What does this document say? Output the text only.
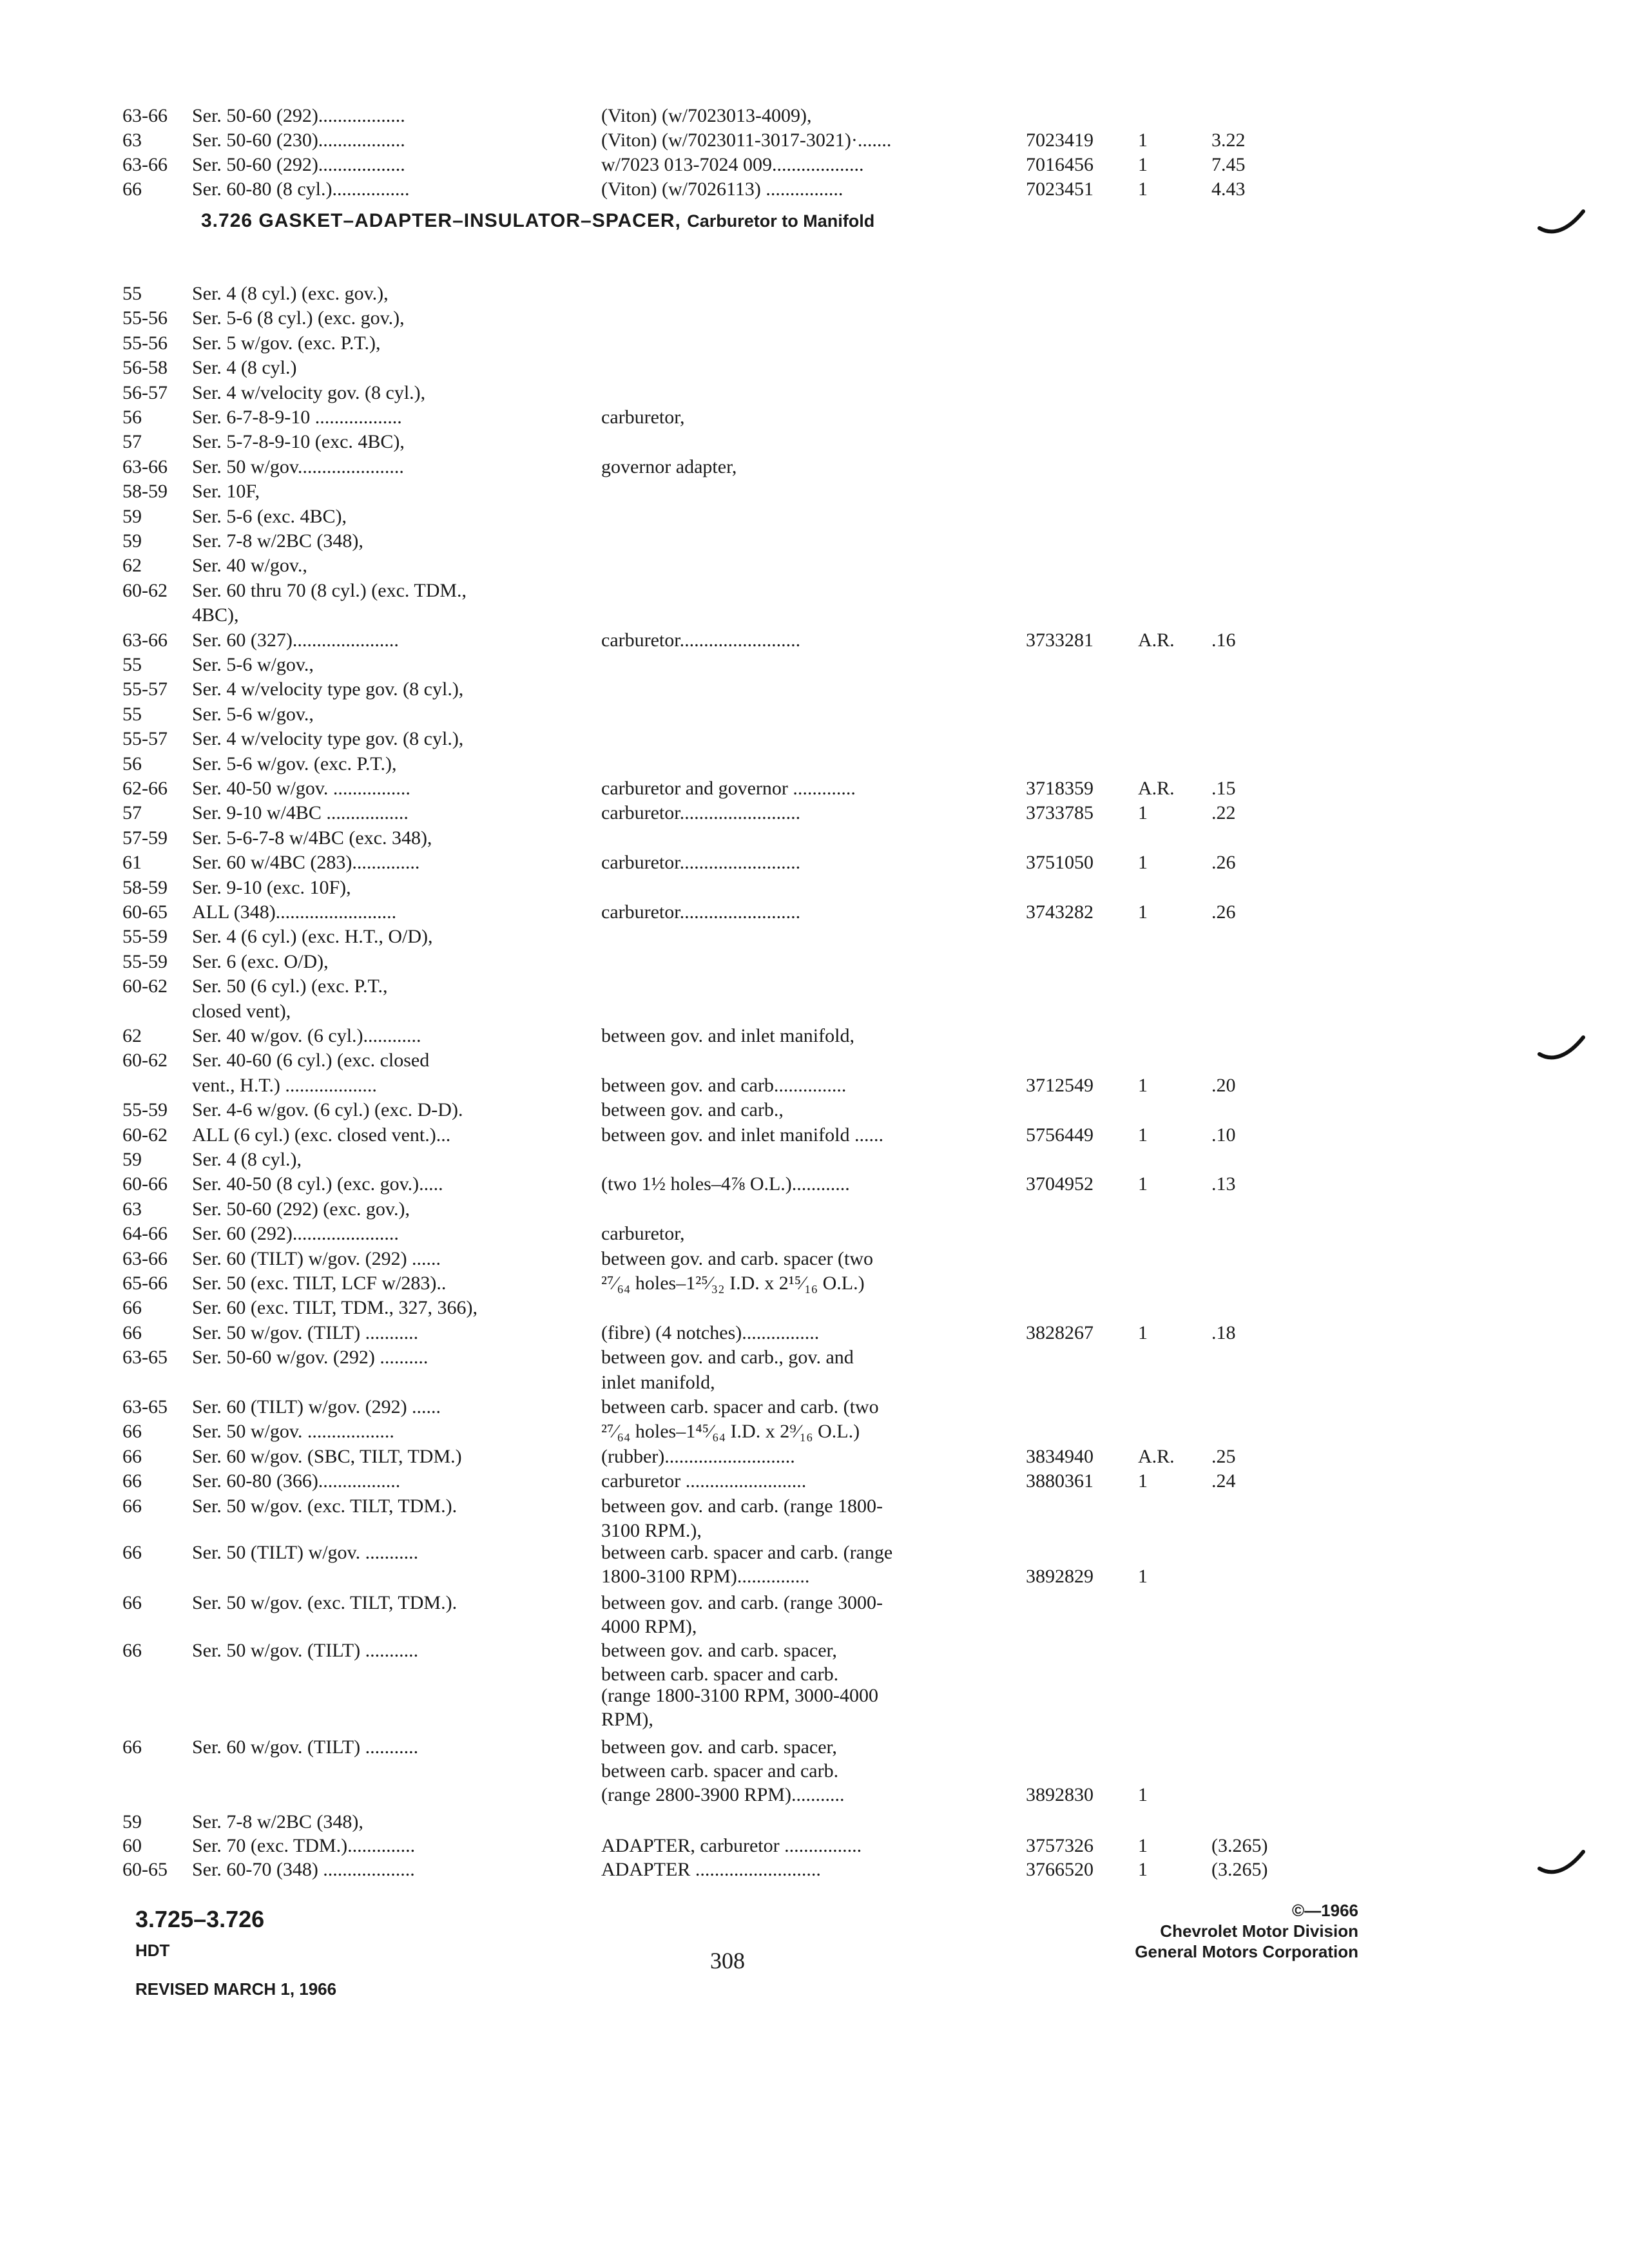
63-66 Ser. 50-60 (292)..................	(Viton) (w/7023013-4009),
63	Ser. 50-60 (230)..................	(Viton) (w/7023011-3017-3021)·.......	7023419 1	3.22
63-66 Ser. 50-60 (292)..................	w/7023 013-7024 009...................	7016456 1	7.45
66	Ser. 60-80 (8 cyl.)................	(Viton) (w/7026113) ................	7023451 1	4.43
3.726 GASKET–ADAPTER–INSULATOR–SPACER, Carburetor to Manifold
55	Ser. 4 (8 cyl.) (exc. gov.),
55-56 Ser. 5-6 (8 cyl.) (exc. gov.),
55-56 Ser. 5 w/gov. (exc. P.T.),
56-58 Ser. 4 (8 cyl.)
56-57 Ser. 4 w/velocity gov. (8 cyl.),
56	Ser. 6-7-8-9-10 ..................	carburetor,
57	Ser. 5-7-8-9-10 (exc. 4BC),
63-66 Ser. 50 w/gov......................	governor adapter,
58-59 Ser. 10F,
59	Ser. 5-6 (exc. 4BC),
59	Ser. 7-8 w/2BC (348),
62	Ser. 40 w/gov.,
60-62 Ser. 60 thru 70 (8 cyl.) (exc. TDM.,
4BC),
63-66 Ser. 60 (327)......................	carburetor.........................	3733281 A.R. .16
55	Ser. 5-6 w/gov.,
55-57 Ser. 4 w/velocity type gov. (8 cyl.),
55	Ser. 5-6 w/gov.,
55-57 Ser. 4 w/velocity type gov. (8 cyl.),
56	Ser. 5-6 w/gov. (exc. P.T.),
62-66 Ser. 40-50 w/gov. ................	carburetor and governor .............	3718359 A.R. .15
57	Ser. 9-10 w/4BC .................	carburetor.........................	3733785 1	.22
57-59 Ser. 5-6-7-8 w/4BC (exc. 348),
61	Ser. 60 w/4BC (283)..............	carburetor.........................	3751050 1	.26
58-59 Ser. 9-10 (exc. 10F),
60-65 ALL (348).........................	carburetor.........................	3743282 1	.26
55-59 Ser. 4 (6 cyl.) (exc. H.T., O/D),
55-59 Ser. 6 (exc. O/D),
60-62 Ser. 50 (6 cyl.) (exc. P.T.,
closed vent),
62	Ser. 40 w/gov. (6 cyl.)............	between gov. and inlet manifold,
60-62 Ser. 40-60 (6 cyl.) (exc. closed
vent., H.T.) ...................	between gov. and carb...............	3712549 1	.20
55-59 Ser. 4-6 w/gov. (6 cyl.) (exc. D-D).	between gov. and carb.,
60-62 ALL (6 cyl.) (exc. closed vent.)...	between gov. and inlet manifold ......	5756449 1	.10
59	Ser. 4 (8 cyl.),
60-66 Ser. 40-50 (8 cyl.) (exc. gov.).....	(two 1½ holes–4⅞ O.L.)............	3704952 1	.13
63	Ser. 50-60 (292) (exc. gov.),
64-66 Ser. 60 (292)......................	carburetor,
63-66 Ser. 60 (TILT) w/gov. (292) ......	between gov. and carb. spacer (two
65-66 Ser. 50 (exc. TILT, LCF w/283)..	²⁷⁄₆₄ holes–1²⁵⁄₃₂ I.D. x 2¹⁵⁄₁₆ O.L.)
66	Ser. 60 (exc. TILT, TDM., 327, 366),
66	Ser. 50 w/gov. (TILT) ...........	(fibre) (4 notches)................	3828267 1	.18
63-65 Ser. 50-60 w/gov. (292) ..........	between gov. and carb., gov. and
inlet manifold,
63-65 Ser. 60 (TILT) w/gov. (292) ......	between carb. spacer and carb. (two
66	Ser. 50 w/gov. ..................	²⁷⁄₆₄ holes–1⁴⁵⁄₆₄ I.D. x 2⁹⁄₁₆ O.L.)
66	Ser. 60 w/gov. (SBC, TILT, TDM.)	(rubber)...........................	3834940 A.R. .25
66	Ser. 60-80 (366).................	carburetor .........................	3880361 1	.24
66	Ser. 50 w/gov. (exc. TILT, TDM.).	between gov. and carb. (range 1800-
3100 RPM.),
66	Ser. 50 (TILT) w/gov. ...........	between carb. spacer and carb. (range
1800-3100 RPM)...............	3892829 1
66	Ser. 50 w/gov. (exc. TILT, TDM.).	between gov. and carb. (range 3000-
4000 RPM),
66	Ser. 50 w/gov. (TILT) ...........	between gov. and carb. spacer,
between carb. spacer and carb.
(range 1800-3100 RPM, 3000-4000
RPM),
66	Ser. 60 w/gov. (TILT) ...........	between gov. and carb. spacer,
between carb. spacer and carb.
(range 2800-3900 RPM)...........	3892830 1
59	Ser. 7-8 w/2BC (348),
60	Ser. 70 (exc. TDM.)..............	ADAPTER, carburetor ................	3757326 1	(3.265)
60-65 Ser. 60-70 (348) ...................	ADAPTER ..........................	3766520 1	(3.265)
3.725–3.726
HDT
REVISED MARCH 1, 1966
308
©—1966
Chevrolet Motor Division
General Motors Corporation
